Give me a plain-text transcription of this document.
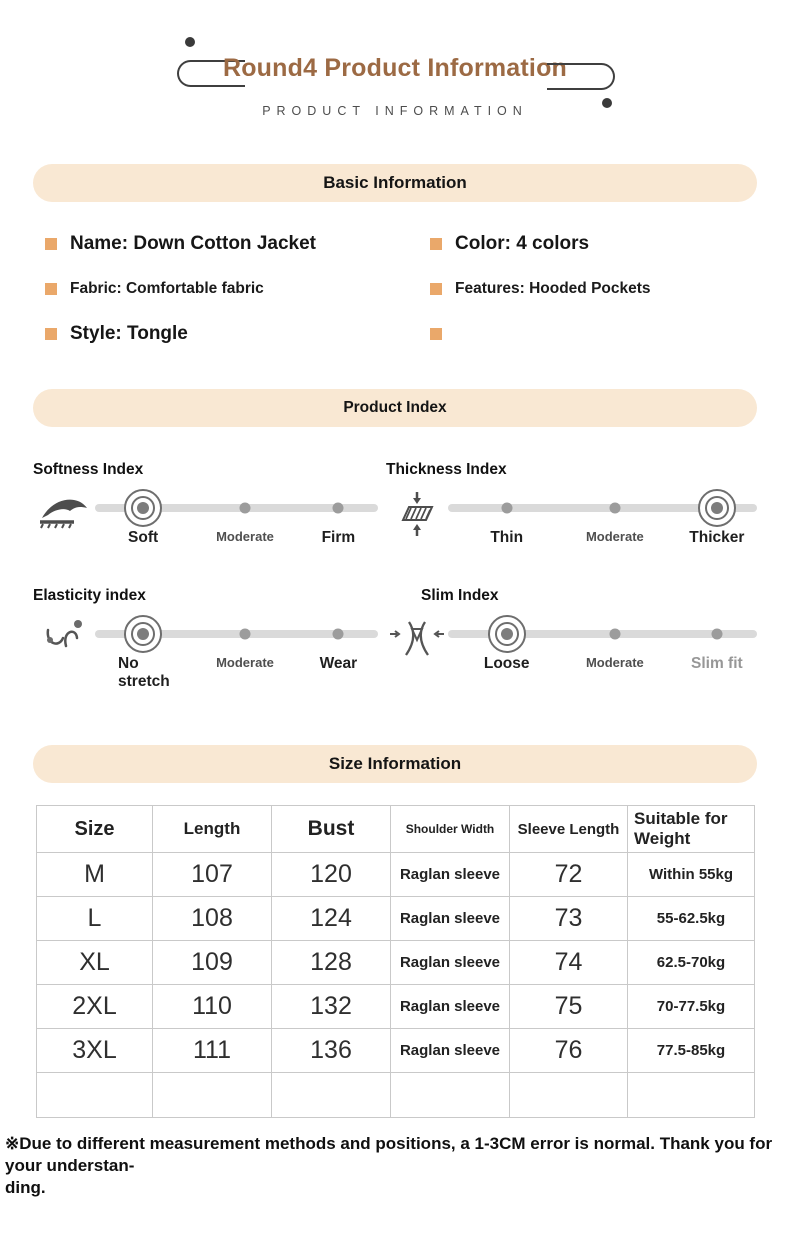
Round4 Product Information
PRODUCT INFORMATION
Basic Information
Name: Down Cotton Jacket	Color: 4 colors
Fabric: Comfortable fabric	Features: Hooded Pockets
Style: Tongle
Product Index
Softness Index
Soft	Moderate	Firm
Thickness Index
Thin	Moderate	Thicker
Elasticity index
No stretch
Moderate	Wear
Slim Index
Loose	Moderate	Slim fit
Size Information
Size	Length	Bust	Shoulder Width	Sleeve Length	Suitable for Weight
M	107	120	Raglan sleeve	72	Within 55kg
L	108	124	Raglan sleeve	73	55-62.5kg
XL	109	128	Raglan sleeve	74	62.5-70kg
2XL	110	132	Raglan sleeve	75	70-77.5kg
3XL	111	136	Raglan sleeve	76	77.5-85kg

※Due to different measurement methods and positions, a 1-3CM error is normal. Thank you for your understan-
ding.
